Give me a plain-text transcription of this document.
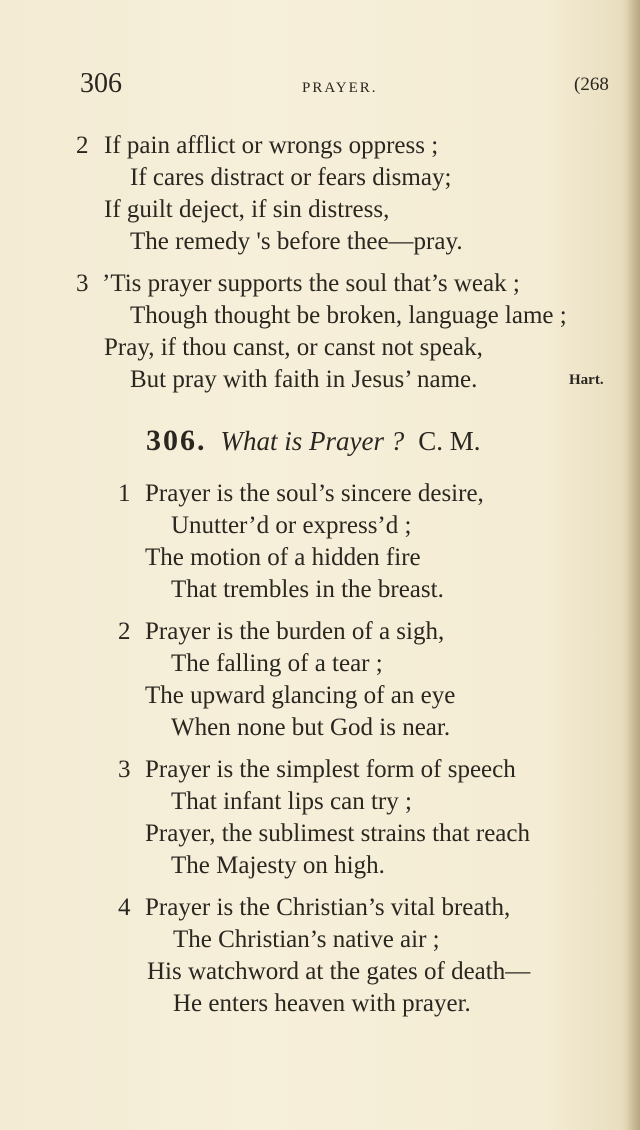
306	PRAYER.	(268
2 If pain afflict or wrongs oppress ;
If cares distract or fears dismay;
If guilt deject, if sin distress,
The remedy 's before thee—pray.
3 ’Tis prayer supports the soul that’s weak ;
Though thought be broken, language lame ;
Pray, if thou canst, or canst not speak,
But pray with faith in Jesus’ name.	Hart.
306. What is Prayer ? C. M.
1 Prayer is the soul’s sincere desire,
Unutter’d or express’d ;
The motion of a hidden fire
That trembles in the breast.
2 Prayer is the burden of a sigh,
The falling of a tear ;
The upward glancing of an eye
When none but God is near.
3 Prayer is the simplest form of speech
That infant lips can try ;
Prayer, the sublimest strains that reach
The Majesty on high.
4 Prayer is the Christian’s vital breath,
The Christian’s native air ;
His watchword at the gates of death—
He enters heaven with prayer.
